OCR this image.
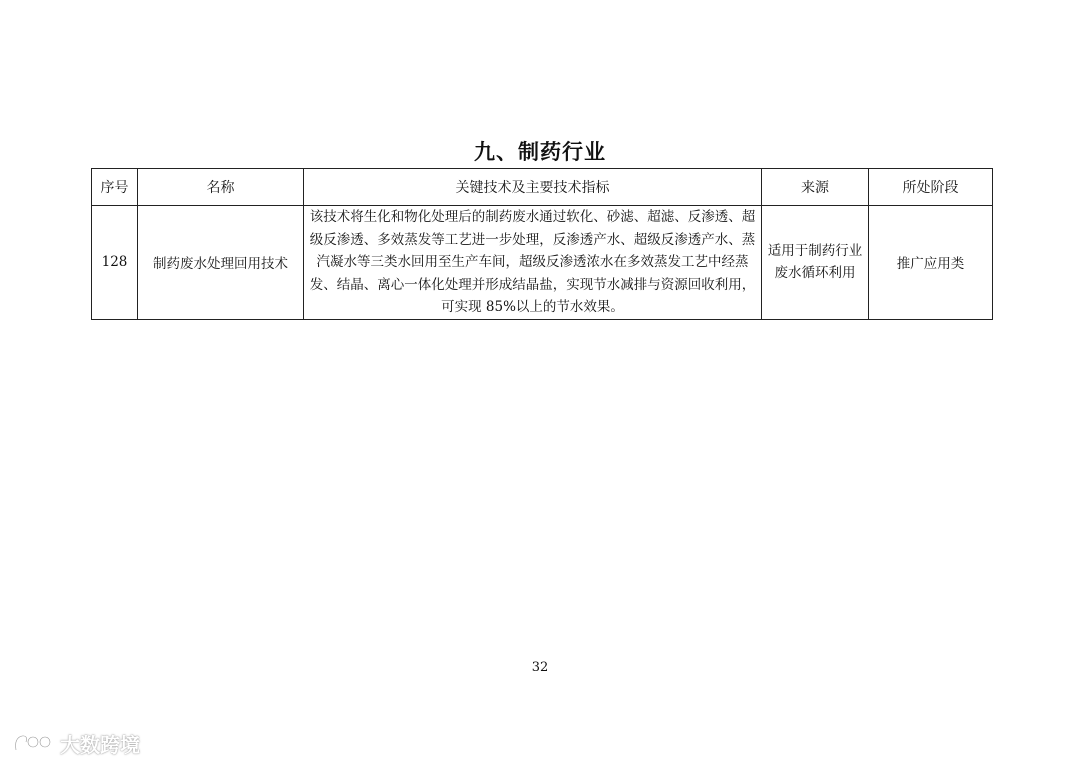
九、制药行业
序号	名称	关键技术及主要技术指标	来源	所处阶段
128	制药废水处理回用技术	该技术将生化和物化处理后的制药废水通过软化、砂滤、超滤、反渗透、超级反渗透、多效蒸发等工艺进一步处理，反渗透产水、超级反渗透产水、蒸汽凝水等三类水回用至生产车间，超级反渗透浓水在多效蒸发工艺中经蒸发、结晶、离心一体化处理并形成结晶盐，实现节水减排与资源回收利用，可实现 85%以上的节水效果。	适用于制药行业废水循环利用	推广应用类
32
大数跨境
